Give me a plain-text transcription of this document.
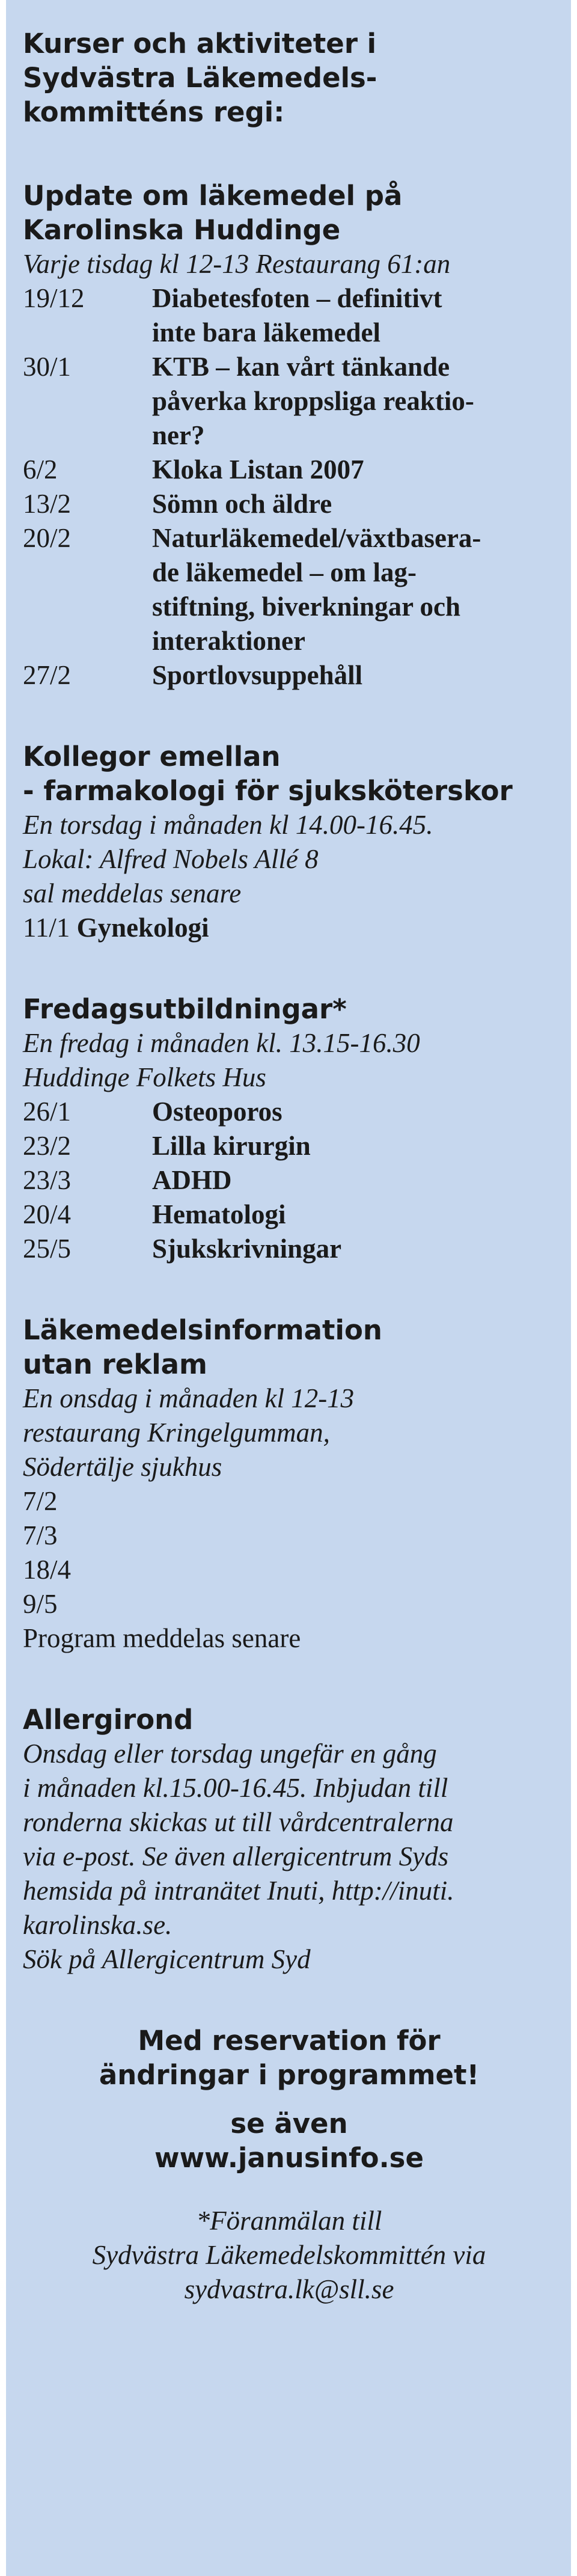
Kurser och aktiviteter i

Sydvästra Läkemedels-

kommitténs regi:

Update om läkemedel på

Karolinska Huddinge

Varje tisdag kl 12-13 Restaurang 61:an

19/12	Diabetesfoten – definitivt
inte bara läkemedel
30/1	KTB – kan vårt tänkande
påverka kroppsliga reaktio-
ner?
6/2	Kloka Listan 2007
13/2	Sömn och äldre
20/2	Naturläkemedel/växtbasera-
de läkemedel – om lag-
stiftning, biverkningar och
interaktioner
27/2	Sportlovsuppehåll

Kollegor emellan

- farmakologi för sjuksköterskor

En torsdag i månaden kl 14.00-16.45.

Lokal: Alfred Nobels Allé 8

sal meddelas senare

11/1 Gynekologi

Fredagsutbildningar*

En fredag i månaden kl. 13.15-16.30

Huddinge Folkets Hus

26/1	Osteoporos
23/2	Lilla kirurgin
23/3	ADHD
20/4	Hematologi
25/5	Sjukskrivningar

Läkemedelsinformation

utan reklam

En onsdag i månaden kl 12-13

restaurang Kringelgumman,

Södertälje sjukhus

7/2

7/3

18/4

9/5

Program meddelas senare

Allergirond

Onsdag eller torsdag ungefär en gång

i månaden kl.15.00-16.45. Inbjudan till

ronderna skickas ut till vårdcentralerna

via e-post. Se även allergicentrum Syds

hemsida på intranätet Inuti, http://inuti.

karolinska.se.

Sök på Allergicentrum Syd

Med reservation för

ändringar i programmet!

se även

www.janusinfo.se

*Föranmälan till

Sydvästra Läkemedelskommittén via

sydvastra.lk@sll.se
